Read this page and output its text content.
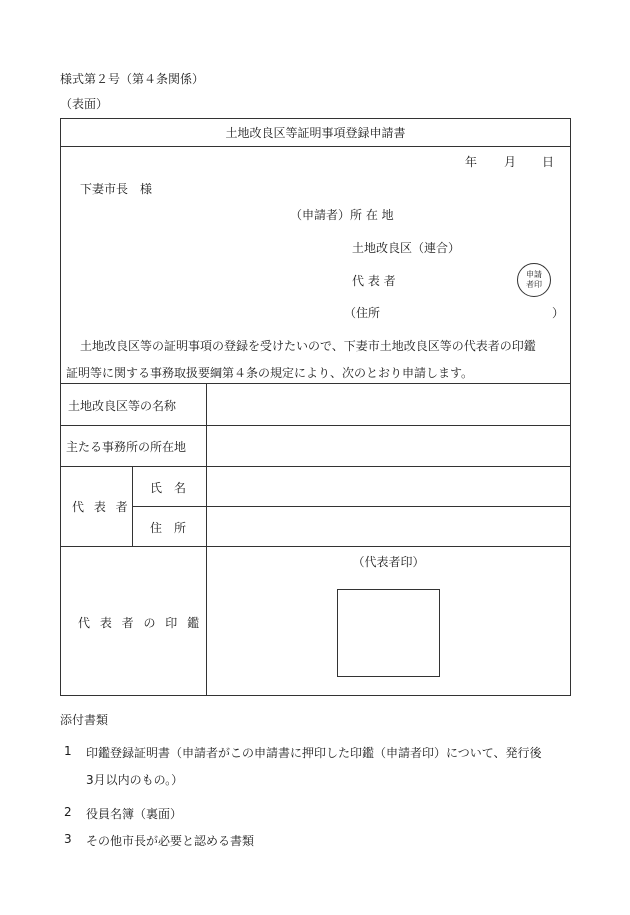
様式第２号（第４条関係）
（表面）
土地改良区等証明事項登録申請書
年 月 日
下妻市長　様
（申請者）所 在 地
土地改良区（連合）
代 表 者	申請
者印
（住所	）
土地改良区等の証明事項の登録を受けたいので、下妻市土地改良区等の代表者の印鑑
証明等に関する事務取扱要綱第４条の規定により、次のとおり申請します。
土地改良区等の名称
主たる事務所の所在地
代 表 者
氏　名
住　所
代 表 者 の 印 鑑
（代表者印）
添付書類
1 印鑑登録証明書（申請者がこの申請書に押印した印鑑（申請者印）について、発行後
3月以内のもの。）
2 役員名簿（裏面）
3 その他市長が必要と認める書類
